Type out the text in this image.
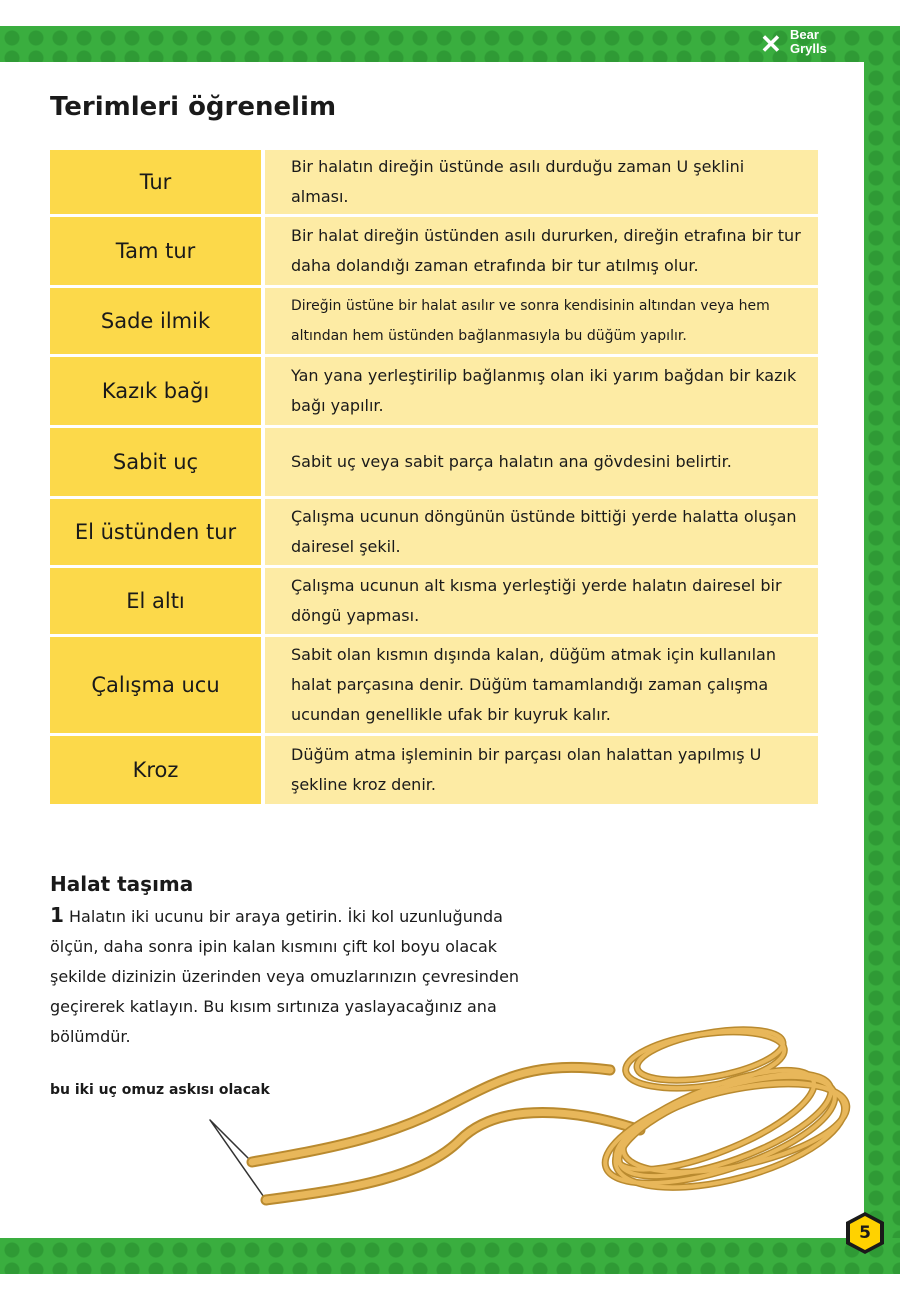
✕ Bear
Grylls
Terimleri öğrenelim
Tur	Bir halatın direğin üstünde asılı durduğu zaman U şeklini alması.
Tam tur	Bir halat direğin üstünden asılı dururken, direğin etrafına bir tur daha dolandığı zaman etrafında bir tur atılmış olur.
Sade ilmik	Direğin üstüne bir halat asılır ve sonra kendisinin altından veya hem altından hem üstünden bağlanmasıyla bu düğüm yapılır.
Kazık bağı	Yan yana yerleştirilip bağlanmış olan iki yarım bağdan bir kazık bağı yapılır.
Sabit uç	Sabit uç veya sabit parça halatın ana gövdesini belirtir.
El üstünden tur	Çalışma ucunun döngünün üstünde bittiği yerde halatta oluşan dairesel şekil.
El altı	Çalışma ucunun alt kısma yerleştiği yerde halatın dairesel bir döngü yapması.
Çalışma ucu	Sabit olan kısmın dışında kalan, düğüm atmak için kullanılan halat parçasına denir. Düğüm tamamlandığı zaman çalışma ucundan genellikle ufak bir kuyruk kalır.
Kroz	Düğüm atma işleminin bir parçası olan halattan yapılmış U şekline kroz denir.
Halat taşıma

1 Halatın iki ucunu bir araya getirin. İki kol uzunluğunda ölçün, daha sonra ipin kalan kısmını çift kol boyu olacak şekilde dizinizin üzerinden veya omuzlarınızın çevresinden geçirerek katlayın. Bu kısım sırtınıza yaslayacağınız ana bölümdür.

bu iki uç omuz askısı olacak

5
